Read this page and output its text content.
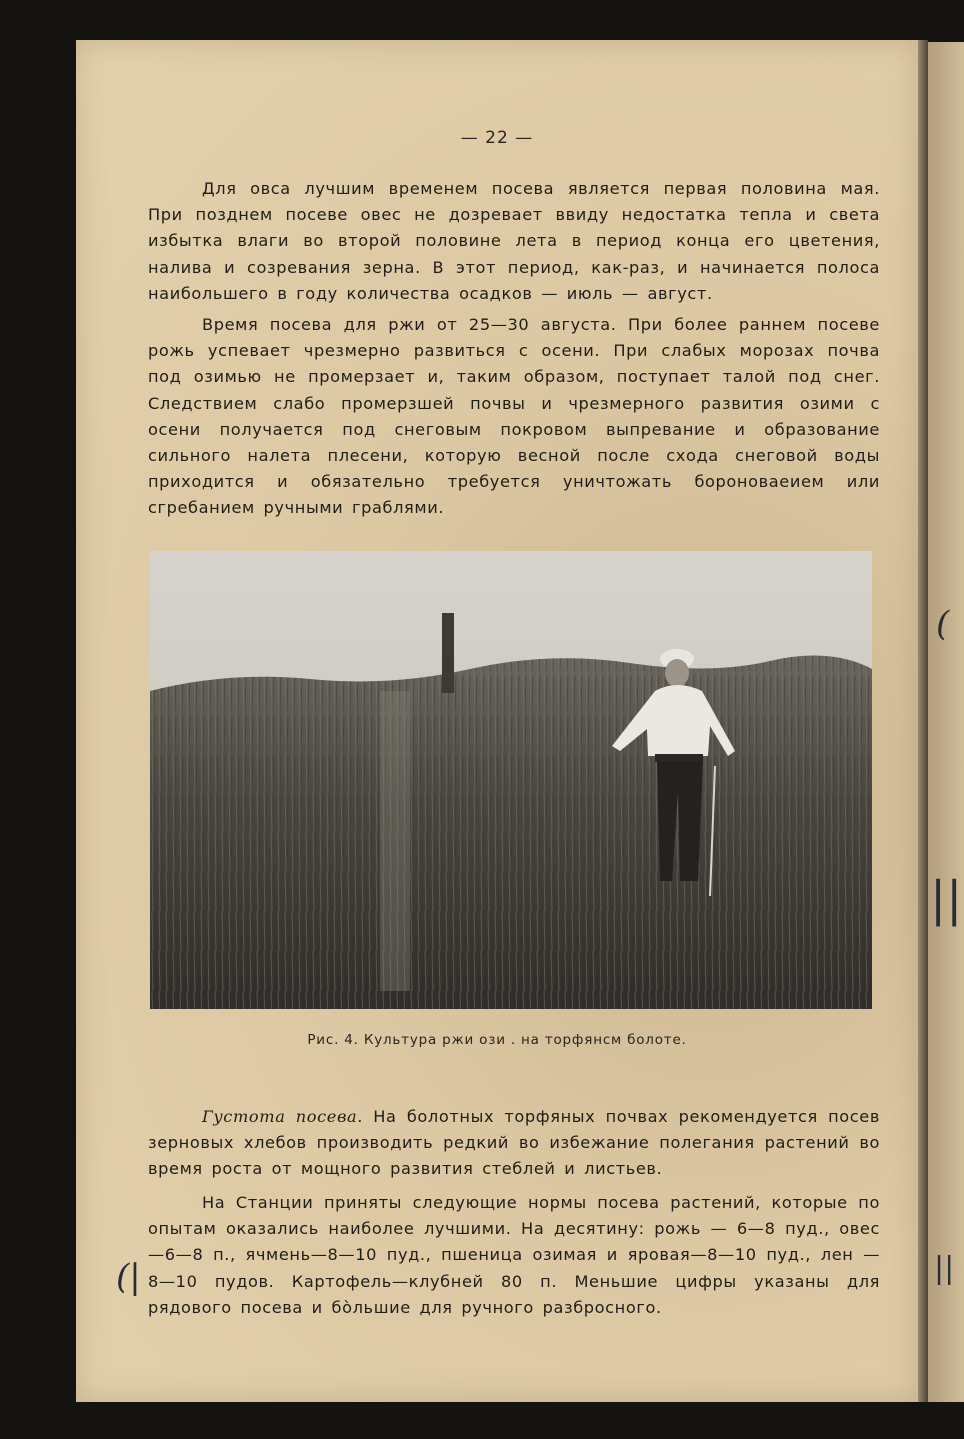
(
||
||
— 22 —

Для овса лучшим временем посева является первая половина мая. При позднем посеве овес не дозревает ввиду недостатка тепла и света избытка влаги во второй половине лета в период конца его цветения, налива и созревания зерна. В этот период, как-раз, и начинается полоса наибольшего в году количества осадков — июль — август.

Время посева для ржи от 25—30 августа. При более раннем посеве рожь успевает чрезмерно развиться с осени. При слабых морозах почва под озимью не промерзает и, таким образом, поступает талой под снег. Следствием слабо промерзшей почвы и чрезмерного развития озими с осени получается под снеговым покровом выпревание и образование сильного налета плесени, которую весной после схода снеговой воды приходится и обязательно требуется уничтожать бороноваеием или сгребанием ручными граблями.

Рис. 4. Культура ржи ози . на торфянсм болоте.

Густота посева. На болотных торфяных почвах рекомендуется посев зерновых хлебов производить редкий во избежание полегания растений во время роста от мощного развития стеблей и листьев.

На Станции приняты следующие нормы посева растений, которые по опытам оказались наиболее лучшими. На десятину: рожь — 6—8 пуд., овес—6—8 п., ячмень—8—10 пуд., пшеница озимая и яровая—8—10 пуд., лен — 8—10 пудов. Картофель—клубней 80 п. Меньшие цифры указаны для рядового посева и бо̀льшие для ручного разбросного.

(|
